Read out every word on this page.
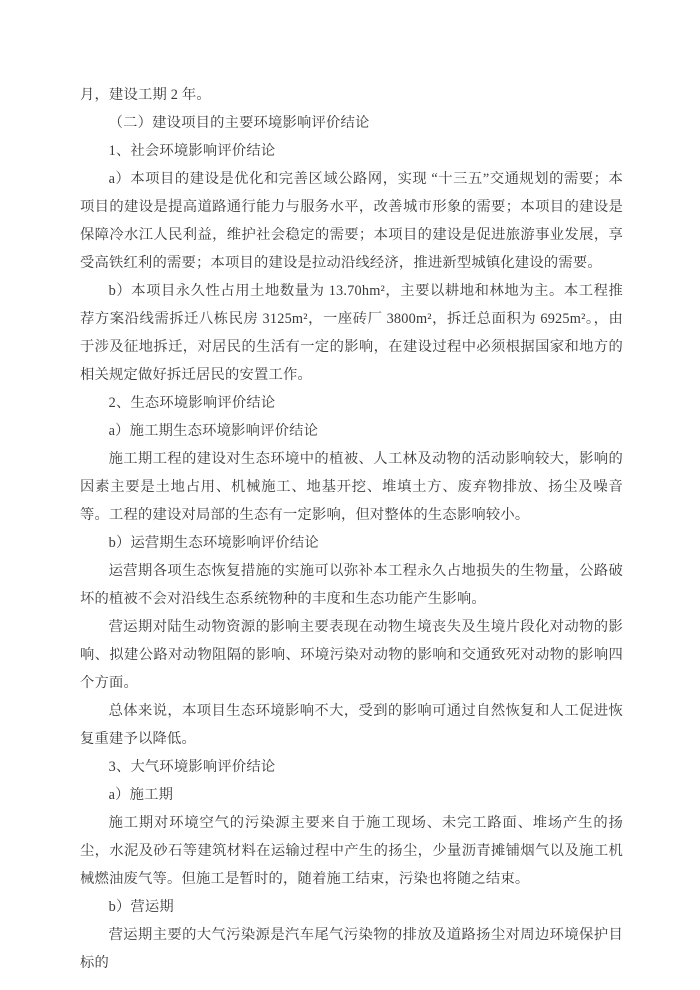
月，建设工期 2 年。

（二）建设项目的主要环境影响评价结论

1、社会环境影响评价结论

a）本项目的建设是优化和完善区域公路网，实现 “十三五”交通规划的需要；本项目的建设是提高道路通行能力与服务水平，改善城市形象的需要；本项目的建设是保障冷水江人民利益，维护社会稳定的需要；本项目的建设是促进旅游事业发展，享受高铁红利的需要；本项目的建设是拉动沿线经济，推进新型城镇化建设的需要。

b）本项目永久性占用土地数量为 13.70hm²，主要以耕地和林地为主。本工程推荐方案沿线需拆迁八栋民房 3125m²，一座砖厂 3800m²，拆迁总面积为 6925m²。，由于涉及征地拆迁，对居民的生活有一定的影响，在建设过程中必须根据国家和地方的相关规定做好拆迁居民的安置工作。

2、生态环境影响评价结论

a）施工期生态环境影响评价结论

施工期工程的建设对生态环境中的植被、人工林及动物的活动影响较大，影响的因素主要是土地占用、机械施工、地基开挖、堆填土方、废弃物排放、扬尘及噪音等。工程的建设对局部的生态有一定影响，但对整体的生态影响较小。

b）运营期生态环境影响评价结论

运营期各项生态恢复措施的实施可以弥补本工程永久占地损失的生物量，公路破坏的植被不会对沿线生态系统物种的丰度和生态功能产生影响。

营运期对陆生动物资源的影响主要表现在动物生境丧失及生境片段化对动物的影响、拟建公路对动物阻隔的影响、环境污染对动物的影响和交通致死对动物的影响四个方面。

总体来说，本项目生态环境影响不大，受到的影响可通过自然恢复和人工促进恢复重建予以降低。

3、大气环境影响评价结论

a）施工期

施工期对环境空气的污染源主要来自于施工现场、未完工路面、堆场产生的扬尘，水泥及砂石等建筑材料在运输过程中产生的扬尘，少量沥青摊铺烟气以及施工机械燃油废气等。但施工是暂时的，随着施工结束，污染也将随之结束。

b）营运期

营运期主要的大气污染源是汽车尾气污染物的排放及道路扬尘对周边环境保护目标的
